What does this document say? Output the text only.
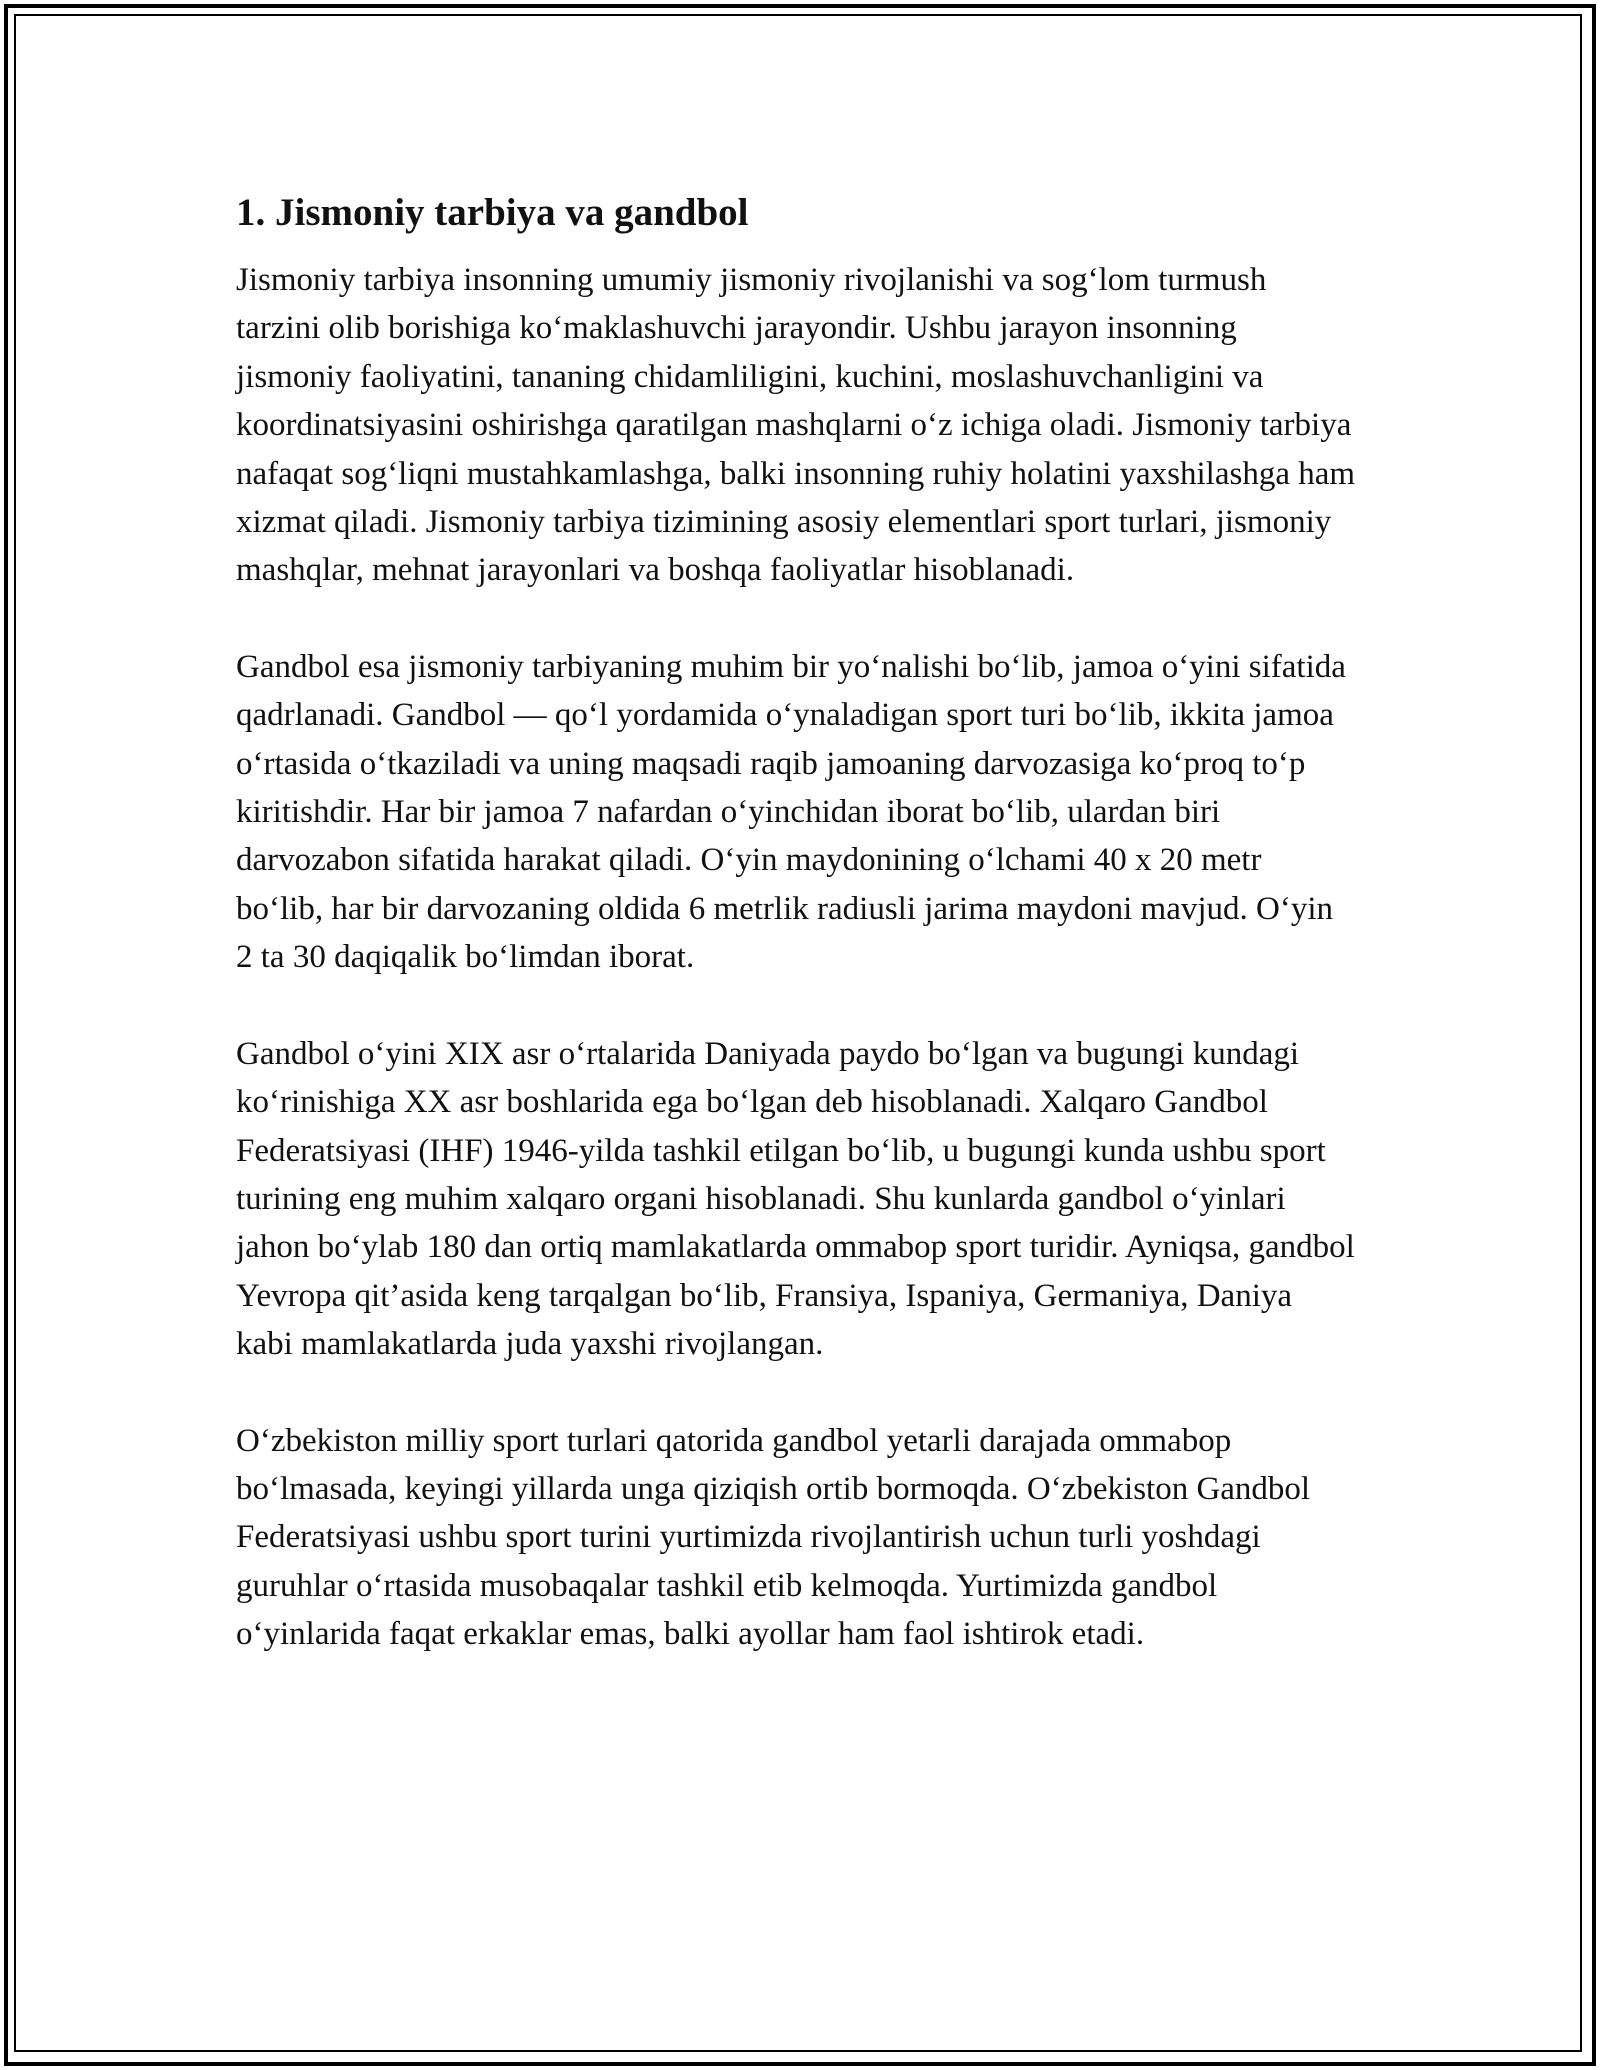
1. Jismoniy tarbiya va gandbol

Jismoniy tarbiya insonning umumiy jismoniy rivojlanishi va sog‘lom turmush tarzini olib borishiga ko‘maklashuvchi jarayondir. Ushbu jarayon insonning jismoniy faoliyatini, tananing chidamliligini, kuchini, moslashuvchanligini va koordinatsiyasini oshirishga qaratilgan mashqlarni o‘z ichiga oladi. Jismoniy tarbiya nafaqat sog‘liqni mustahkamlashga, balki insonning ruhiy holatini yaxshilashga ham xizmat qiladi. Jismoniy tarbiya tizimining asosiy elementlari sport turlari, jismoniy mashqlar, mehnat jarayonlari va boshqa faoliyatlar hisoblanadi.

Gandbol esa jismoniy tarbiyaning muhim bir yo‘nalishi bo‘lib, jamoa o‘yini sifatida qadrlanadi. Gandbol — qo‘l yordamida o‘ynaladigan sport turi bo‘lib, ikkita jamoa o‘rtasida o‘tkaziladi va uning maqsadi raqib jamoaning darvozasiga ko‘proq to‘p kiritishdir. Har bir jamoa 7 nafardan o‘yinchidan iborat bo‘lib, ulardan biri darvozabon sifatida harakat qiladi. O‘yin maydonining o‘lchami 40 x 20 metr bo‘lib, har bir darvozaning oldida 6 metrlik radiusli jarima maydoni mavjud. O‘yin 2 ta 30 daqiqalik bo‘limdan iborat.

Gandbol o‘yini XIX asr o‘rtalarida Daniyada paydo bo‘lgan va bugungi kundagi ko‘rinishiga XX asr boshlarida ega bo‘lgan deb hisoblanadi. Xalqaro Gandbol Federatsiyasi (IHF) 1946-yilda tashkil etilgan bo‘lib, u bugungi kunda ushbu sport turining eng muhim xalqaro organi hisoblanadi. Shu kunlarda gandbol o‘yinlari jahon bo‘ylab 180 dan ortiq mamlakatlarda ommabop sport turidir. Ayniqsa, gandbol Yevropa qit’asida keng tarqalgan bo‘lib, Fransiya, Ispaniya, Germaniya, Daniya kabi mamlakatlarda juda yaxshi rivojlangan.

O‘zbekiston milliy sport turlari qatorida gandbol yetarli darajada ommabop bo‘lmasada, keyingi yillarda unga qiziqish ortib bormoqda. O‘zbekiston Gandbol Federatsiyasi ushbu sport turini yurtimizda rivojlantirish uchun turli yoshdagi guruhlar o‘rtasida musobaqalar tashkil etib kelmoqda. Yurtimizda gandbol o‘yinlarida faqat erkaklar emas, balki ayollar ham faol ishtirok etadi.
